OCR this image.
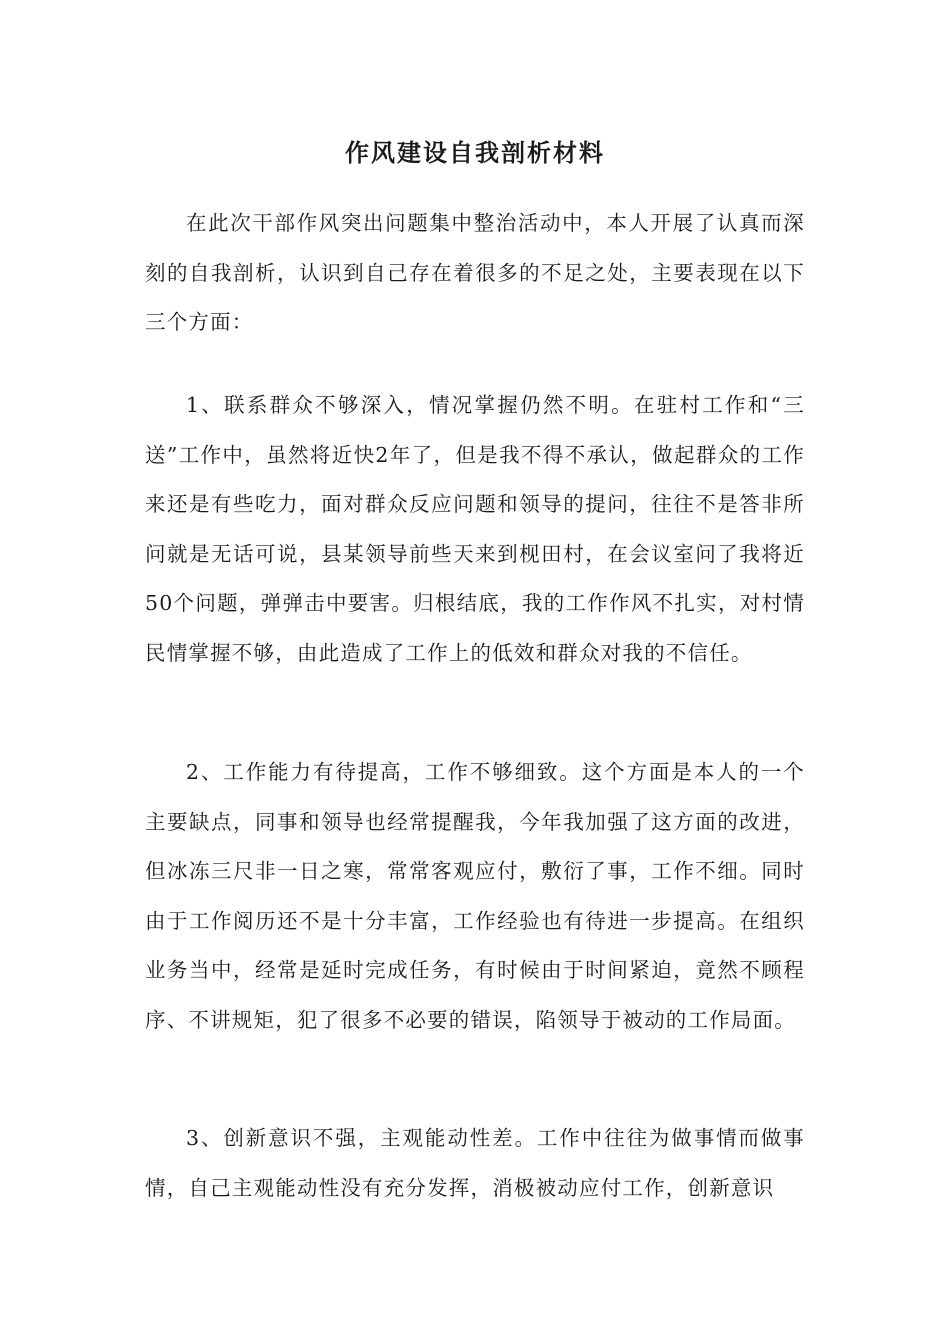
作风建设自我剖析材料

在此次干部作风突出问题集中整治活动中，本人开展了认真而深刻的自我剖析，认识到自己存在着很多的不足之处，主要表现在以下三个方面：

1、联系群众不够深入，情况掌握仍然不明。在驻村工作和“三送”工作中，虽然将近快2年了，但是我不得不承认，做起群众的工作来还是有些吃力，面对群众反应问题和领导的提问，往往不是答非所问就是无话可说，县某领导前些天来到枧田村，在会议室问了我将近50个问题，弹弹击中要害。归根结底，我的工作作风不扎实，对村情民情掌握不够，由此造成了工作上的低效和群众对我的不信任。

2、工作能力有待提高，工作不够细致。这个方面是本人的一个主要缺点，同事和领导也经常提醒我，今年我加强了这方面的改进，但冰冻三尺非一日之寒，常常客观应付，敷衍了事，工作不细。同时由于工作阅历还不是十分丰富，工作经验也有待进一步提高。在组织业务当中，经常是延时完成任务，有时候由于时间紧迫，竟然不顾程序、不讲规矩，犯了很多不必要的错误，陷领导于被动的工作局面。

3、创新意识不强，主观能动性差。工作中往往为做事情而做事情，自己主观能动性没有充分发挥，消极被动应付工作，创新意识
